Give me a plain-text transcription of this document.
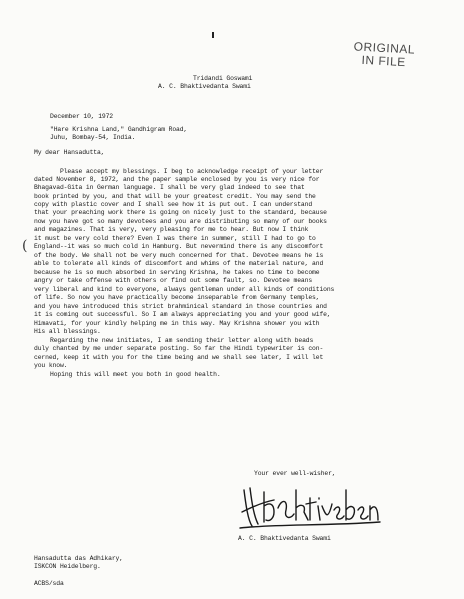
ORIGINAL
IN FILE
Tridandi Goswami
A. C. Bhaktivedanta Swami
December 10, 1972
"Hare Krishna Land," Gandhigram Road,
Juhu, Bombay-54, India.
My dear Hansadutta,
Please accept my blessings. I beg to acknowledge receipt of your letter
dated November 8, 1972, and the paper sample enclosed by you is very nice for
Bhagavad-Gita in German language. I shall be very glad indeed to see that
book printed by you, and that will be your greatest credit. You may send the
copy with plastic cover and I shall see how it is put out. I can understand
that your preaching work there is going on nicely just to the standard, because
now you have got so many devotees and you are distributing so many of our books
and magazines. That is very, very pleasing for me to hear. But now I think
it must be very cold there? Even I was there in summer, still I had to go to
England--it was so much cold in Hamburg. But nevermind there is any discomfort
of the body. We shall not be very much concerned for that. Devotee means he is
able to tolerate all kinds of discomfort and whims of the material nature, and
because he is so much absorbed in serving Krishna, he takes no time to become
angry or take offense with others or find out some fault, so. Devotee means
very liberal and kind to everyone, always gentleman under all kinds of conditions
of life. So now you have practically become inseparable from Germany temples,
and you have introduced this strict brahminical standard in those countries and
it is coming out successful. So I am always appreciating you and your good wife,
Himavati, for your kindly helping me in this way. May Krishna shower you with
His all blessings.
Regarding the new initiates, I am sending their letter along with beads
duly chanted by me under separate posting. So far the Hindi typewriter is con-
cerned, keep it with you for the time being and we shall see later, I will let
you know.
Hoping this will meet you both in good health.
(
Your ever well-wisher,
A. C. Bhaktivedanta Swami
Hansadutta das Adhikary,
ISKCON Heidelberg.
ACBS/sda
